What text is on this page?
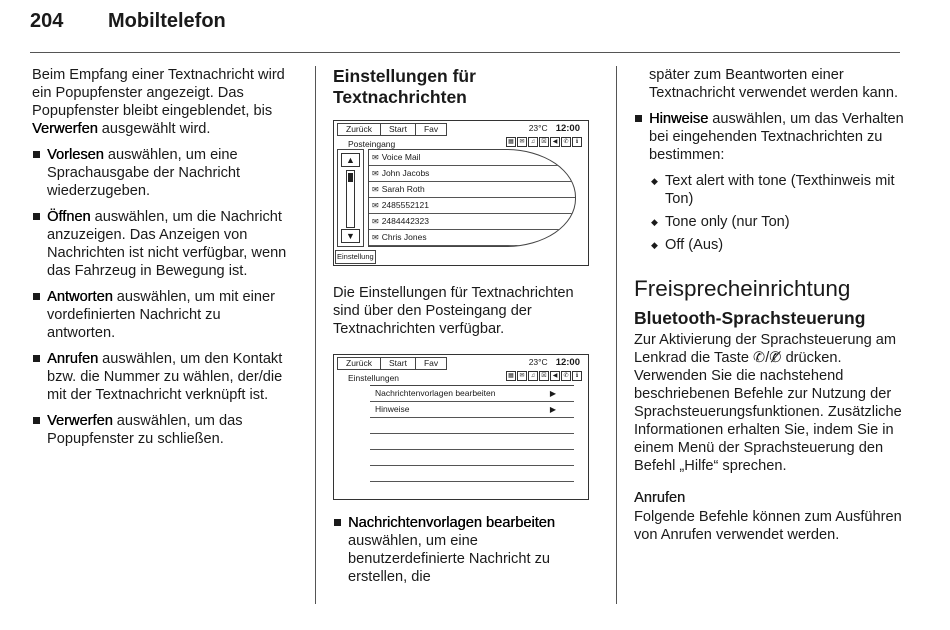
204 Mobiltelefon

Beim Empfang einer Textnachricht wird ein Popupfenster angezeigt. Das Popupfenster bleibt eingeblendet, bis Verwerfen ausgewählt wird.

Vorlesen auswählen, um eine Sprachausgabe der Nachricht wiederzugeben.
Öffnen auswählen, um die Nachricht anzuzeigen. Das Anzeigen von Nachrichten ist nicht verfügbar, wenn das Fahrzeug in Bewegung ist.
Antworten auswählen, um mit einer vordefinierten Nachricht zu antworten.
Anrufen auswählen, um den Kontakt bzw. die Nummer zu wählen, der/die mit der Textnachricht verknüpft ist.
Verwerfen auswählen, um das Popupfenster zu schließen.
Einstellungen für Textnachrichten
Zurück	Start	Fav	23°C 12:00
Posteingang	▦ ✉	♫	☒	◀	✆	ℹ
▲
▼
✉ Voice Mail
✉ John Jacobs
✉ Sarah Roth
✉ 2485552121
✉ 2484442323
✉ Chris Jones
Einstellung

Die Einstellungen für Textnachrichten sind über den Posteingang der Textnachrichten verfügbar.

Zurück	Start	Fav	23°C 12:00
Einstellungen	▦ ✉	♫	☒	◀	✆	ℹ
Nachrichtenvorlagen bearbeiten	▶
Hinweise	▶
Nachrichtenvorlagen bearbeiten auswählen, um eine benutzerdefinierte Nachricht zu erstellen, die

später zum Beantworten einer Textnachricht verwendet werden kann.

Hinweise auswählen, um das Verhalten bei eingehenden Textnachrichten zu bestimmen:
◆ Text alert with tone (Texthinweis mit Ton)
◆ Tone only (nur Ton)
◆ Off (Aus)
Freisprecheinrichtung
Bluetooth-Sprachsteuerung

Zur Aktivierung der Sprachsteuerung am Lenkrad die Taste ✆/✆̸ drücken. Verwenden Sie die nachstehend beschriebenen Befehle zur Nutzung der Sprachsteuerungsfunktionen. Zusätzliche Informationen erhalten Sie, indem Sie in einem Menü der Sprachsteuerung den Befehl „Hilfe“ sprechen.

Anrufen

Folgende Befehle können zum Ausführen von Anrufen verwendet werden.
